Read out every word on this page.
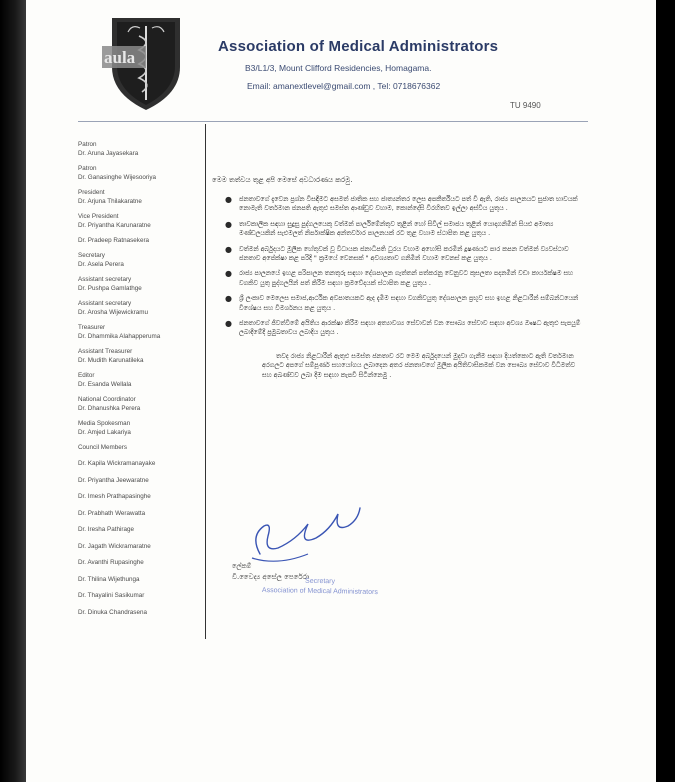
aula
Association of Medical Administrators
B3/L1/3, Mount Clifford Residencies, Homagama.
Email: amanextlevel@gmail.com , Tel: 0718676362
TU 9490
Patron
Dr. Aruna Jayasekara
Patron
Dr. Ganasinghe Wijesooriya
President
Dr. Arjuna Thilakaratne
Vice President
Dr. Priyantha Karunaratne
Dr. Pradeep Ratnasekera
Secretary
Dr. Asela Perera
Assistant secretary
Dr. Pushpa Gamlathge
Assistant secretary
Dr. Arosha Wijewickramu
Treasurer
Dr. Dhammika Alahapperuma
Assistant Treasurer
Dr. Mudith Karunatileka
Editor
Dr. Esanda Wellala
National Coordinator
Dr. Dhanushka Perera
Media Spokesman
Dr. Amjed Lakariya
Council Members
Dr. Kapila Wickramanayake
Dr. Priyantha Jeewaratne
Dr. Imesh Prathapasinghe
Dr. Prabhath Werawatta
Dr. Iresha Pathirage
Dr. Jagath Wickramaratne
Dr. Avanthi Rupasinghe
Dr. Thilina Wijethunga
Dr. Thayalini Sasikumar
Dr. Dinuka Chandrasena
මෙම තත්වය තුළ අපි මෙසේ අවධාරණය කරමු.
● ජනතාවගේ දැවෙන ප්‍රශ්න විසඳීමට අසමත් ජාතික සහ ජාත්‍යන්තර ලෙස අපකීර්තියට පත් වී ඇති, රාජ්‍ය පාලනයට සුජාත භාවයක් නොමැති වර්තමාන ජනපති ඇතුළු සමස්ත ආණ්ඩුව වහාම, කොන්දේසි විරහිතව ඉල්ලා අස්විය යුතුය .
● තාවකාලික සඳහා සුදුසු පුද්ගලයෙකු වත්මන් පාර්ලිමේන්තුව තුළින් හෝ සිවිල් සමාජය තුළින් යොදාගනිමින් සියළු අමාත්‍ය මණ්ඩලයකින් සැළුමලත් නිර්පාක්ෂික අන්තර්වාර පාලනයක් රට තුළ වහාම ස්ථාපිත කළ යුතුය .
● වත්මන් අර්බුදයට මූලික හේතුවක් වූ විධායක ජනාධිපති ධුරය වහාම අහෝසි කරමින් දූෂණයට පාර කපන වත්මන් ව්‍යවස්ථාව ජනතාව අපේක්ෂා කළ පරිදි " ක්‍රමයේ වෙනසක් " අවශ්‍යතාව ගනිමින් වහාම වෙනස් කළ යුතුය .
● රාජ්‍ය පාලනයේ ඉහළ පරිපාලන තනතුරු සඳහා දේශපාලන ගැත්තන් පත්කරනු වෙනුවට කුසලතා පදනමින් වඩා කාර්යක්ෂම සහ වගකිව යුතු පුද්ගලයින් පත් කිරීම සඳහා ක්‍රමවේදයක් ස්ථාපිත කළ යුතුය .
● ශ්‍රී ලංකාව මෙලෙස සමාජ,ආර්ථික අවපාතයකට ඇද දැමීම සඳහා වගකිවයුතු දේශපාලන ප්‍රභූව සහ ඉහළ නිළධාරීන් සම්බන්ධයෙන් විශේෂය සහ විමර්ශනය කළ යුතුය .
● ජනතාවගේ ජිවත්වීමේ අයිතිය ආරක්ෂා කිරීම සඳහා අත්‍යාවශ්‍ය සේවාවන් වන සෞඛ්‍ය සේවාව සඳහා අවශ්‍ය ඖෂධ ඇතුළු සැපයුම් ලබාදීමේදී ප්‍රමුඛතාවය ලබාදිය යුතුය .
තවද රාජ්‍ය නිළධාරීන් ඇතුළු සමස්ත ජනතාව රට මෙම අර්බුදයෙන් මුදවා ගැනීම සඳහා දියත්කොට ඇති වර්තමාන අරගලට අපගේ සම්පූර්ණ සහයෝගය ලබාදෙන අතර ජනතාවගේ මූලික අයිතිවාසිකමක් වන සෞඛ්‍ය සේවාව විධිමත්ව සහ අඛණ්ඩව ලබා දීම සඳහා කැපවී සිටින්නෙමු .
ලේකම්
වී.වෛද්‍ය අසේල පෙරේරා
Secretary
Association of Medical Administrators
